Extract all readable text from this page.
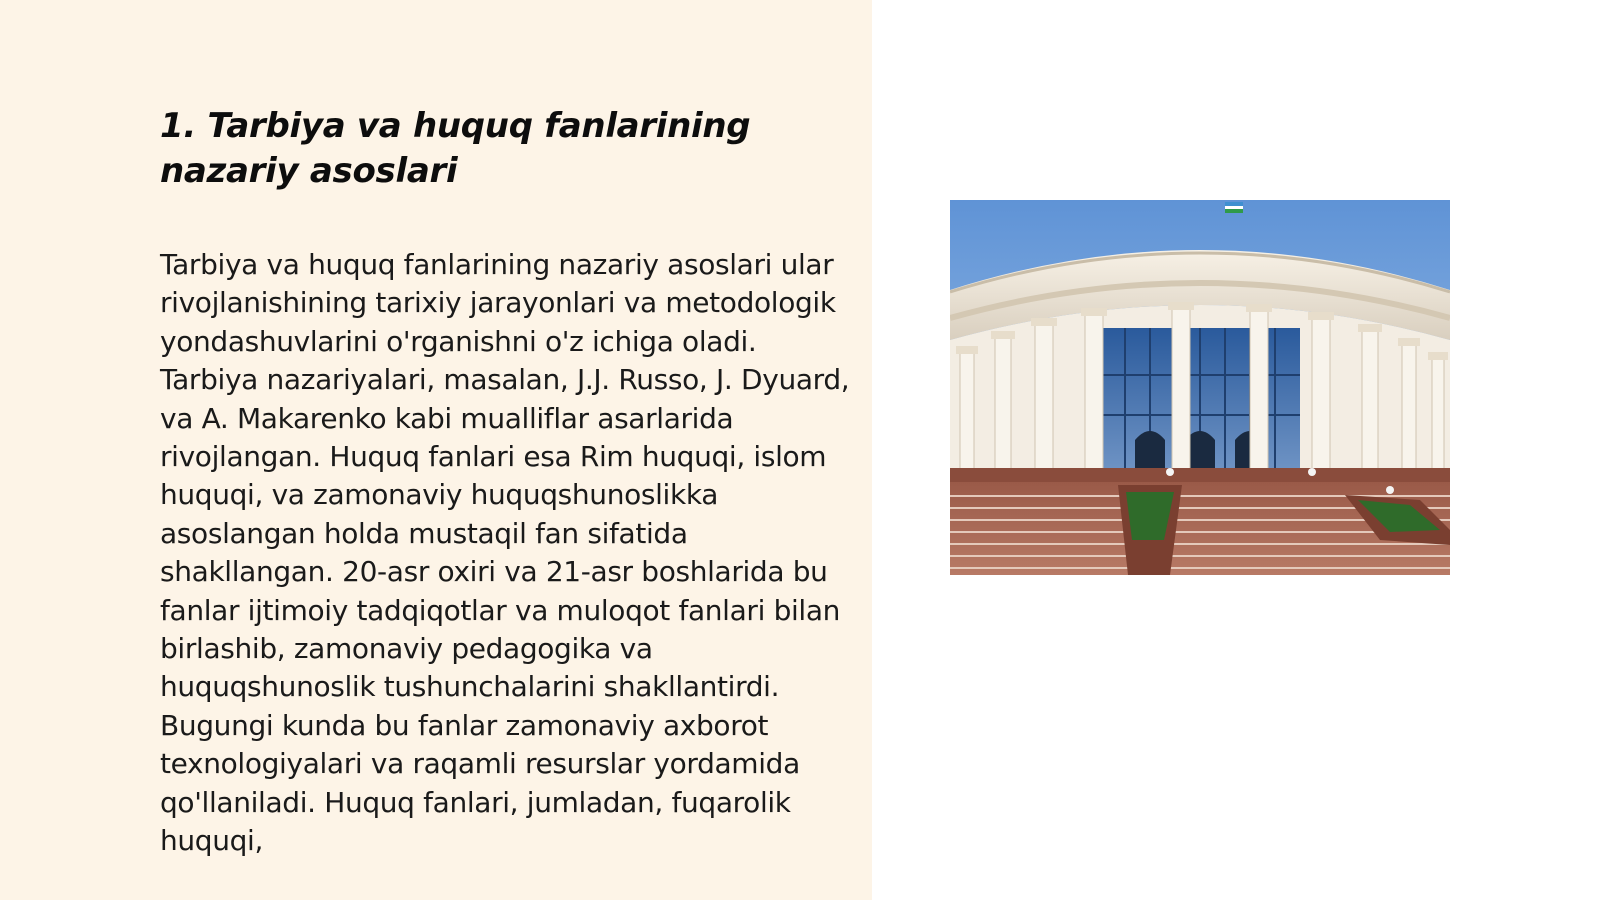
1. Tarbiya va huquq fanlarining nazariy asoslari

Tarbiya va huquq fanlarining nazariy asoslari ular rivojlanishining tarixiy jarayonlari va metodologik yondashuvlarini o'rganishni o'z ichiga oladi. Tarbiya nazariyalari, masalan, J.J. Russo, J. Dyuard, va A. Makarenko kabi mualliflar asarlarida rivojlangan. Huquq fanlari esa Rim huquqi, islom huquqi, va zamonaviy huquqshunoslikka asoslangan holda mustaqil fan sifatida shakllangan. 20-asr oxiri va 21-asr boshlarida bu fanlar ijtimoiy tadqiqotlar va muloqot fanlari bilan birlashib, zamonaviy pedagogika va huquqshunoslik tushunchalarini shakllantirdi. Bugungi kunda bu fanlar zamonaviy axborot texnologiyalari va raqamli resurslar yordamida qo'llaniladi. Huquq fanlari, jumladan, fuqarolik huquqi,
